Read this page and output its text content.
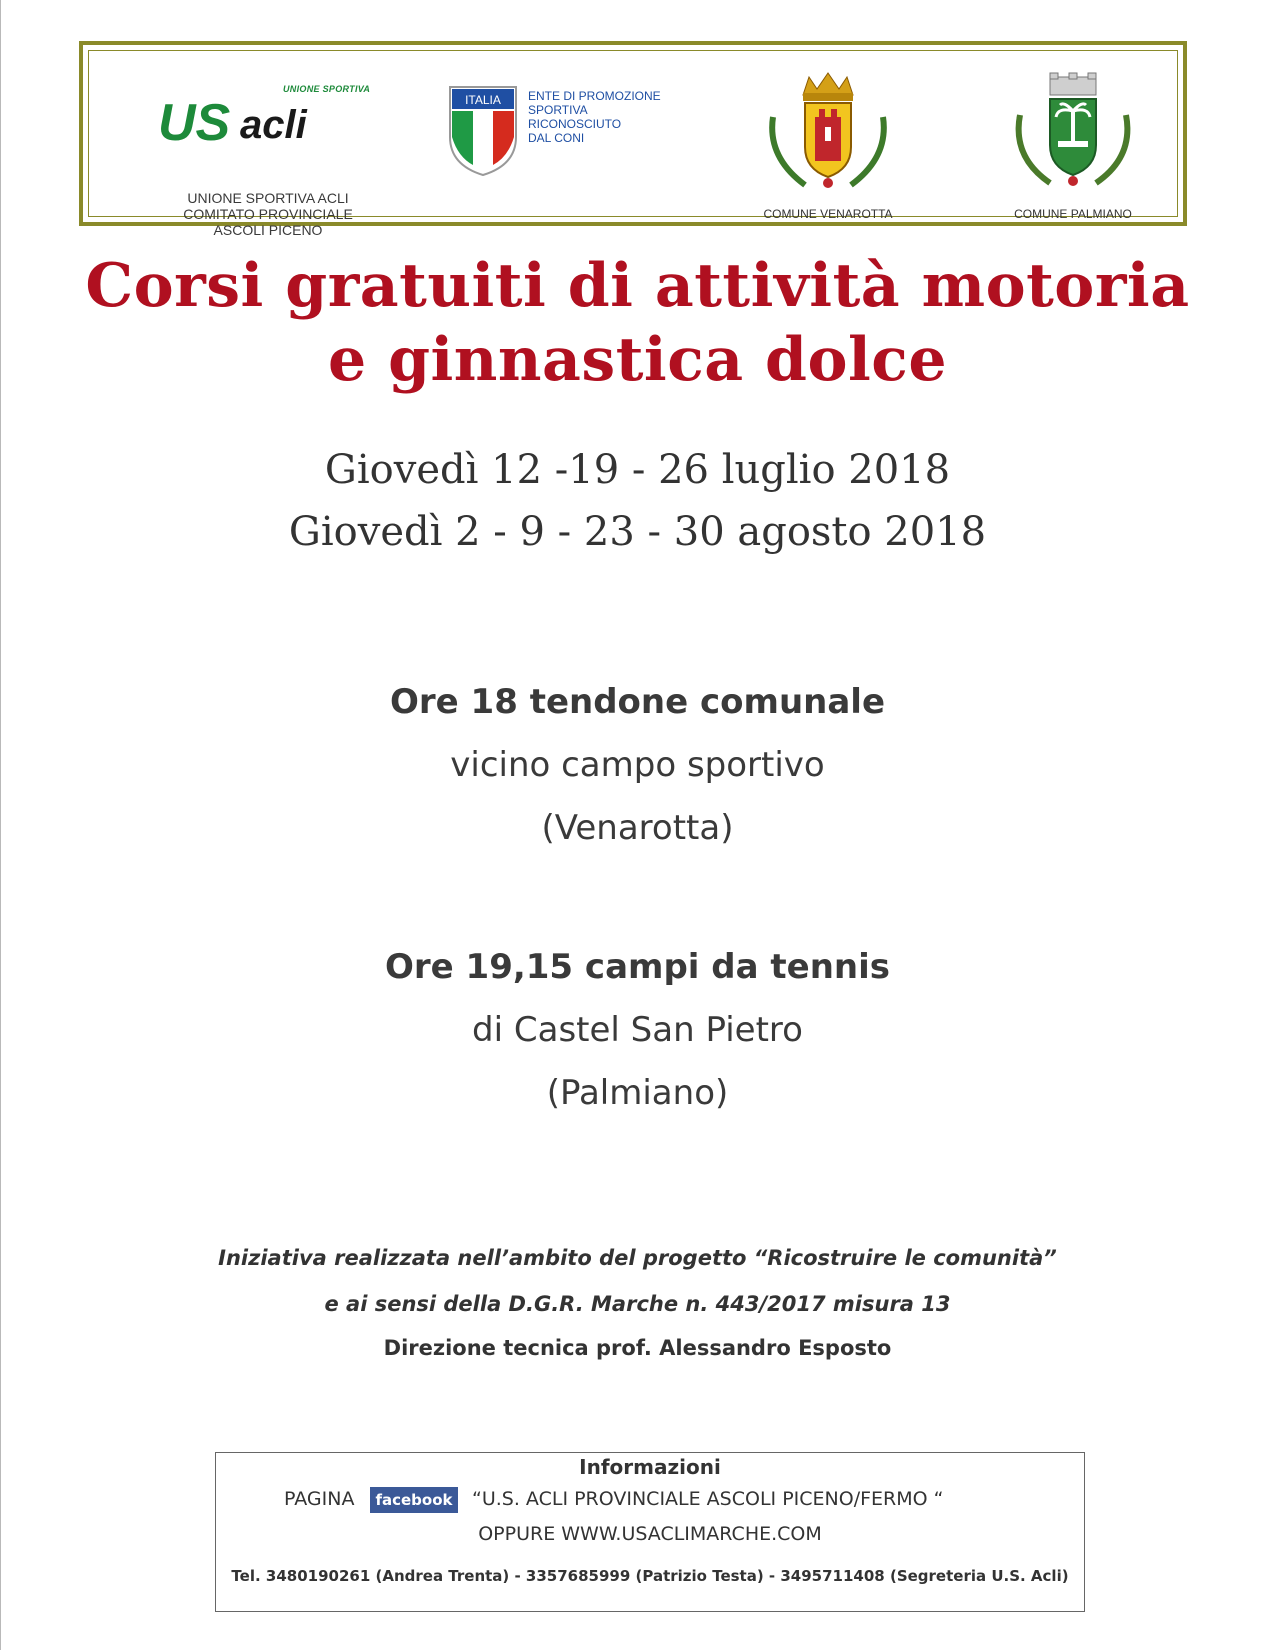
UNIONE SPORTIVA
US acli
UNIONE SPORTIVA ACLI
COMITATO PROVINCIALE
ASCOLI PICENO
ITALIA ENTE DI PROMOZIONE
SPORTIVA
RICONOSCIUTO
DAL CONI
COMUNE VENAROTTA	COMUNE PALMIANO
Corsi gratuiti di attività motoria
e ginnastica dolce
Giovedì 12 -19 - 26 luglio 2018
Giovedì 2 - 9 - 23 - 30 agosto 2018
Ore 18 tendone comunale
vicino campo sportivo
(Venarotta)
Ore 19,15 campi da tennis
di Castel San Pietro
(Palmiano)
Iniziativa realizzata nell’ambito del progetto “Ricostruire le comunità”
e ai sensi della D.G.R. Marche n. 443/2017 misura 13
Direzione tecnica prof. Alessandro Esposto
Informazioni
PAGINA	facebook “U.S. ACLI PROVINCIALE ASCOLI PICENO/FERMO “
OPPURE WWW.USACLIMARCHE.COM
Tel. 3480190261 (Andrea Trenta) - 3357685999 (Patrizio Testa) - 3495711408 (Segreteria U.S. Acli)
